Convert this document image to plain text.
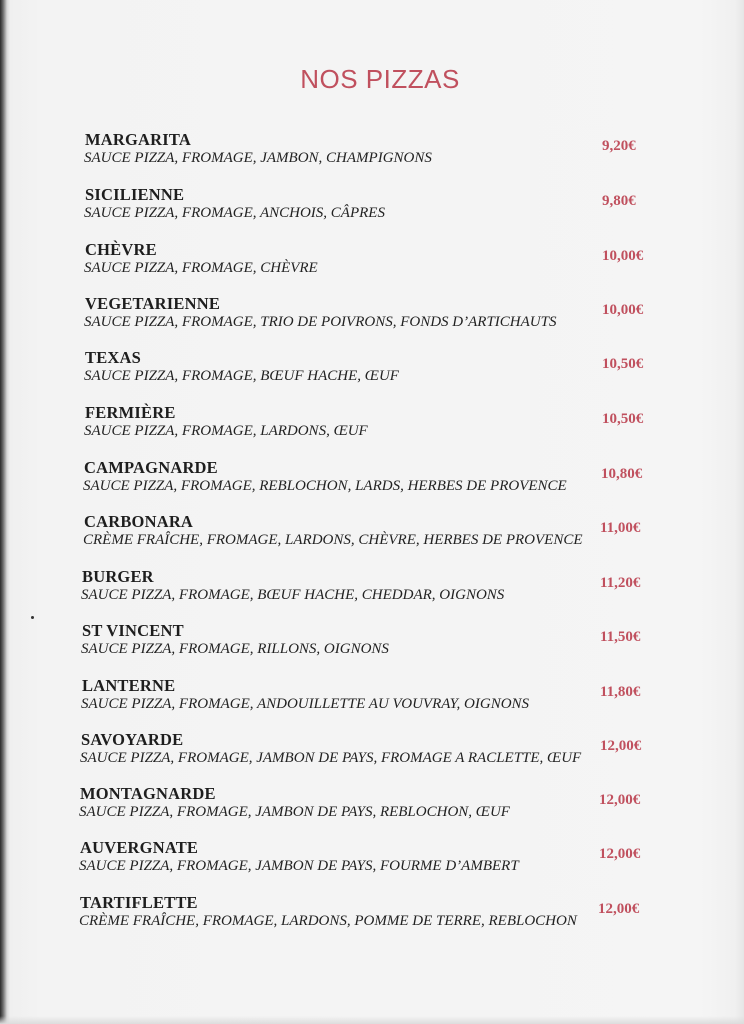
NOS PIZZAS
MARGARITA
SAUCE PIZZA, FROMAGE, JAMBON, CHAMPIGNONS
9,20€
SICILIENNE
SAUCE PIZZA, FROMAGE, ANCHOIS, CÂPRES
9,80€
CHÈVRE
SAUCE PIZZA, FROMAGE, CHÈVRE
10,00€
VEGETARIENNE
SAUCE PIZZA, FROMAGE, TRIO DE POIVRONS, FONDS D’ARTICHAUTS
10,00€
TEXAS
SAUCE PIZZA, FROMAGE, BŒUF HACHE, ŒUF
10,50€
FERMIÈRE
SAUCE PIZZA, FROMAGE, LARDONS, ŒUF
10,50€
CAMPAGNARDE
SAUCE PIZZA, FROMAGE, REBLOCHON, LARDS, HERBES DE PROVENCE
10,80€
CARBONARA
CRÈME FRAÎCHE, FROMAGE, LARDONS, CHÈVRE, HERBES DE PROVENCE
11,00€
BURGER
SAUCE PIZZA, FROMAGE, BŒUF HACHE, CHEDDAR, OIGNONS
11,20€
ST VINCENT
SAUCE PIZZA, FROMAGE, RILLONS, OIGNONS
11,50€
LANTERNE
SAUCE PIZZA, FROMAGE, ANDOUILLETTE AU VOUVRAY, OIGNONS
11,80€
SAVOYARDE
SAUCE PIZZA, FROMAGE, JAMBON DE PAYS, FROMAGE A RACLETTE, ŒUF
12,00€
MONTAGNARDE
SAUCE PIZZA, FROMAGE, JAMBON DE PAYS, REBLOCHON, ŒUF
12,00€
AUVERGNATE
SAUCE PIZZA, FROMAGE, JAMBON DE PAYS, FOURME D’AMBERT
12,00€
TARTIFLETTE
CRÈME FRAÎCHE, FROMAGE, LARDONS, POMME DE TERRE, REBLOCHON
12,00€
